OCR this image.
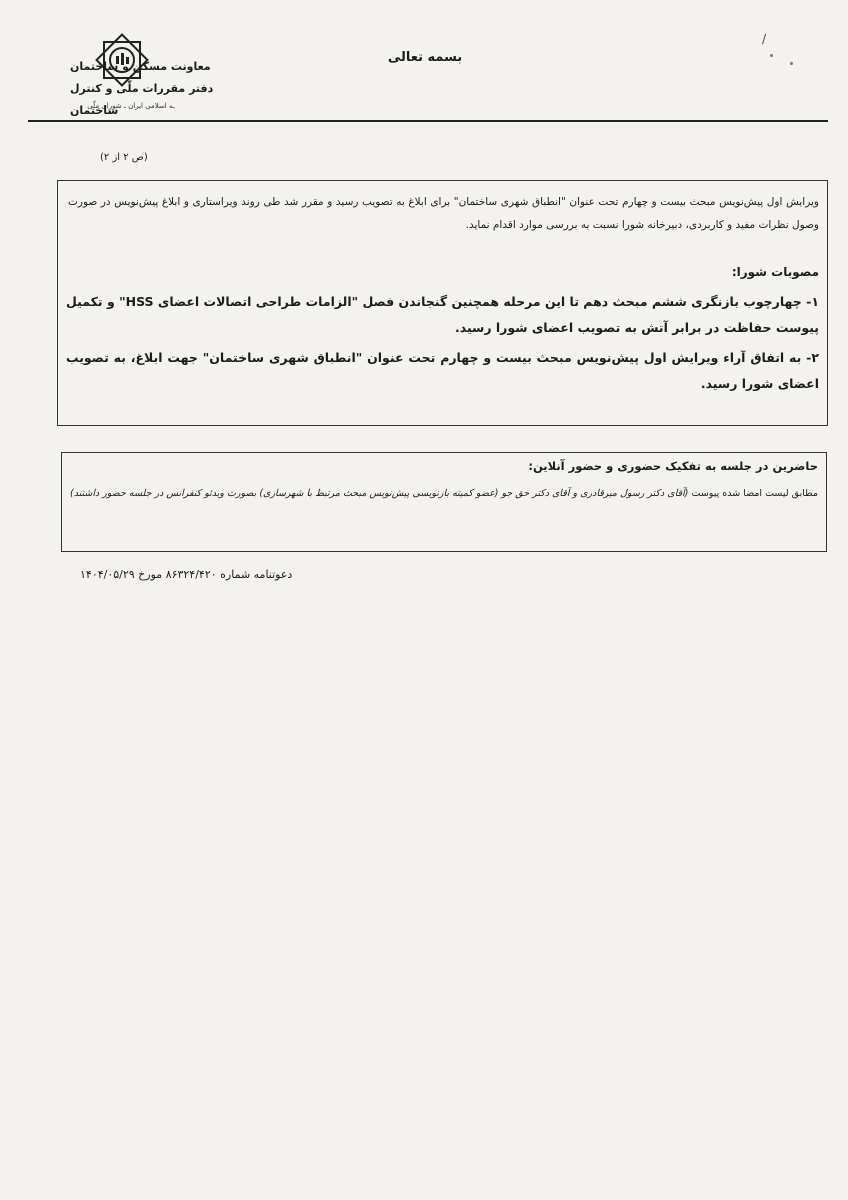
ـه اسلامی ایران ـ شورای ملّی
بسمه تعالی
معاونت مسکن و ساختمان
دفتر مقررات ملّی و کنترل ساختمان
/
(ص ۲ از ۲)
ویرایش اول پیش‌نویس مبحث بیست و چهارم تحت عنوان "انطباق شهری ساختمان" برای ابلاغ به تصویب رسید و مقرر شد طی روند ویراستاری و ابلاغ پیش‌نویس در صورت وصول نظرات مفید و کاربردی، دبیرخانه شورا نسبت به بررسی موارد اقدام نماید.
مصوبات شورا:
۱- چهارچوب بازنگری ششم مبحث دهم تا این مرحله همچنین گنجاندن فصل "الزامات طراحی اتصالات اعضای HSS" و تکمیل پیوست حفاظت در برابر آتش به تصویب اعضای شورا رسید.
۲- به اتفاق آراء ویرایش اول پیش‌نویس مبحث بیست و چهارم تحت عنوان "انطباق شهری ساختمان" جهت ابلاغ، به تصویب اعضای شورا رسید.
حاضرین در جلسه به تفکیک حضوری و حضور آنلاین:
مطابق لیست امضا شده پیوست (آقای دکتر رسول میرقادری و آقای دکتر حق جو (عضو کمیته بازنویسی پیش‌نویس مبحث مرتبط با شهرسازی) بصورت ویدئو کنفرانس در جلسه حضور داشتند)
دعوتنامه شماره ۸۶۳۲۴/۴۲۰ مورخ ۱۴۰۴/۰۵/۲۹
